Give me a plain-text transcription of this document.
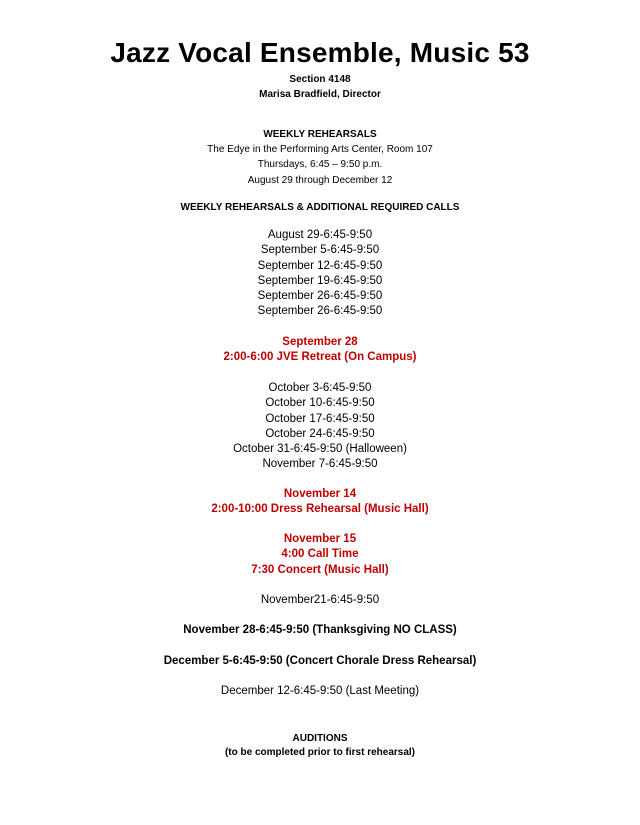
Jazz Vocal Ensemble, Music 53
Section 4148
Marisa Bradfield, Director
WEEKLY REHEARSALS
The Edye in the Performing Arts Center, Room 107
Thursdays, 6:45 – 9:50 p.m.
August 29 through December 12
WEEKLY REHEARSALS & ADDITIONAL REQUIRED CALLS
August 29-6:45-9:50
September 5-6:45-9:50
September 12-6:45-9:50
September 19-6:45-9:50
September 26-6:45-9:50
September 26-6:45-9:50
September 28
2:00-6:00 JVE Retreat (On Campus)
October 3-6:45-9:50
October 10-6:45-9:50
October 17-6:45-9:50
October 24-6:45-9:50
October 31-6:45-9:50 (Halloween)
November 7-6:45-9:50
November 14
2:00-10:00 Dress Rehearsal (Music Hall)
November 15
4:00 Call Time
7:30 Concert (Music Hall)
November21-6:45-9:50
November 28-6:45-9:50 (Thanksgiving NO CLASS)
December 5-6:45-9:50 (Concert Chorale Dress Rehearsal)
December 12-6:45-9:50 (Last Meeting)
AUDITIONS
(to be completed prior to first rehearsal)
